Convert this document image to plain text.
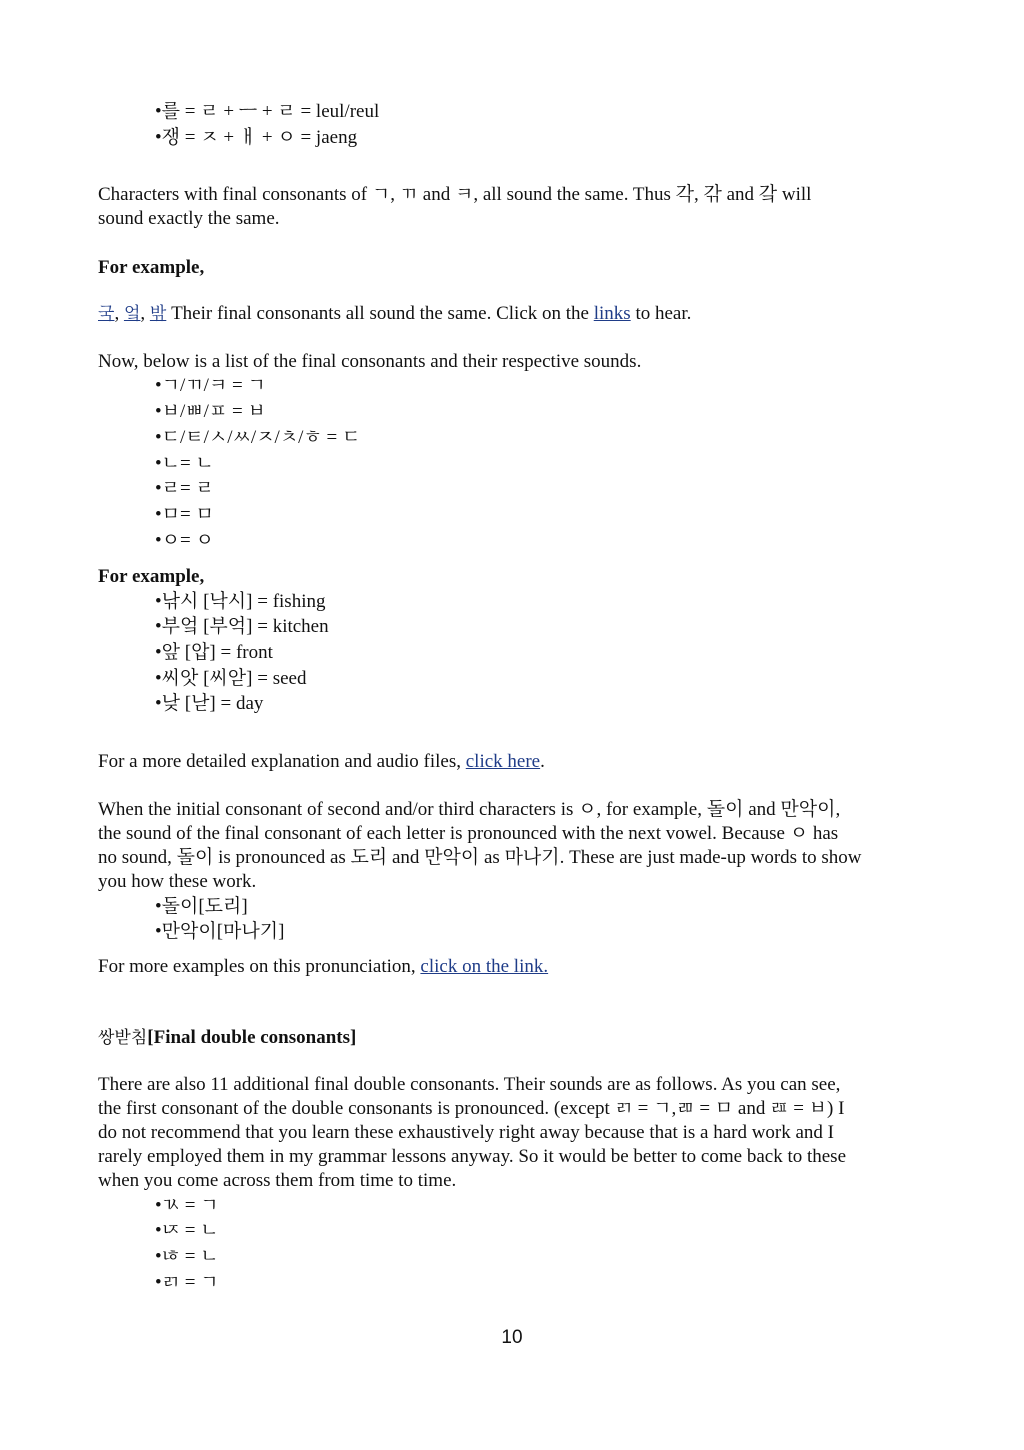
•를 = ㄹ + ㅡ + ㄹ = leul/reul

•쟁 = ㅈ + ㅐ + ㅇ = jaeng

Characters with final consonants of ㄱ, ㄲ and ㅋ, all sound the same. Thus 각, 갂 and 갘 will

sound exactly the same.

For example,

국, 엌, 밖 Their final consonants all sound the same. Click on the links to hear.

Now, below is a list of the final consonants and their respective sounds.

•ㄱ/ㄲ/ㅋ = ㄱ

•ㅂ/ㅃ/ㅍ = ㅂ

•ㄷ/ㅌ/ㅅ/ㅆ/ㅈ/ㅊ/ㅎ = ㄷ

•ㄴ= ㄴ

•ㄹ= ㄹ

•ㅁ= ㅁ

•ㅇ= ㅇ

For example,

•낚시 [낙시] = fishing

•부엌 [부억] = kitchen

•앞 [압] = front

•씨앗 [씨앋] = seed

•낮 [낟] = day

For a more detailed explanation and audio files, click here.

When the initial consonant of second and/or third characters is ㅇ, for example, 돌이 and 만악이,

the sound of the final consonant of each letter is pronounced with the next vowel. Because ㅇ has

no sound, 돌이 is pronounced as 도리 and 만악이 as 마나기. These are just made-up words to show

you how these work.

•돌이[도리]

•만악이[마나기]

For more examples on this pronunciation, click on the link.

쌍받침[Final double consonants]

There are also 11 additional final double consonants. Their sounds are as follows. As you can see,

the first consonant of the double consonants is pronounced. (except ㄺ = ㄱ,ㄻ = ㅁ and ㄿ = ㅂ) I

do not recommend that you learn these exhaustively right away because that is a hard work and I

rarely employed them in my grammar lessons anyway. So it would be better to come back to these

when you come across them from time to time.

•ㄳ = ㄱ

•ㄵ = ㄴ

•ㄶ = ㄴ

•ㄺ = ㄱ

10
